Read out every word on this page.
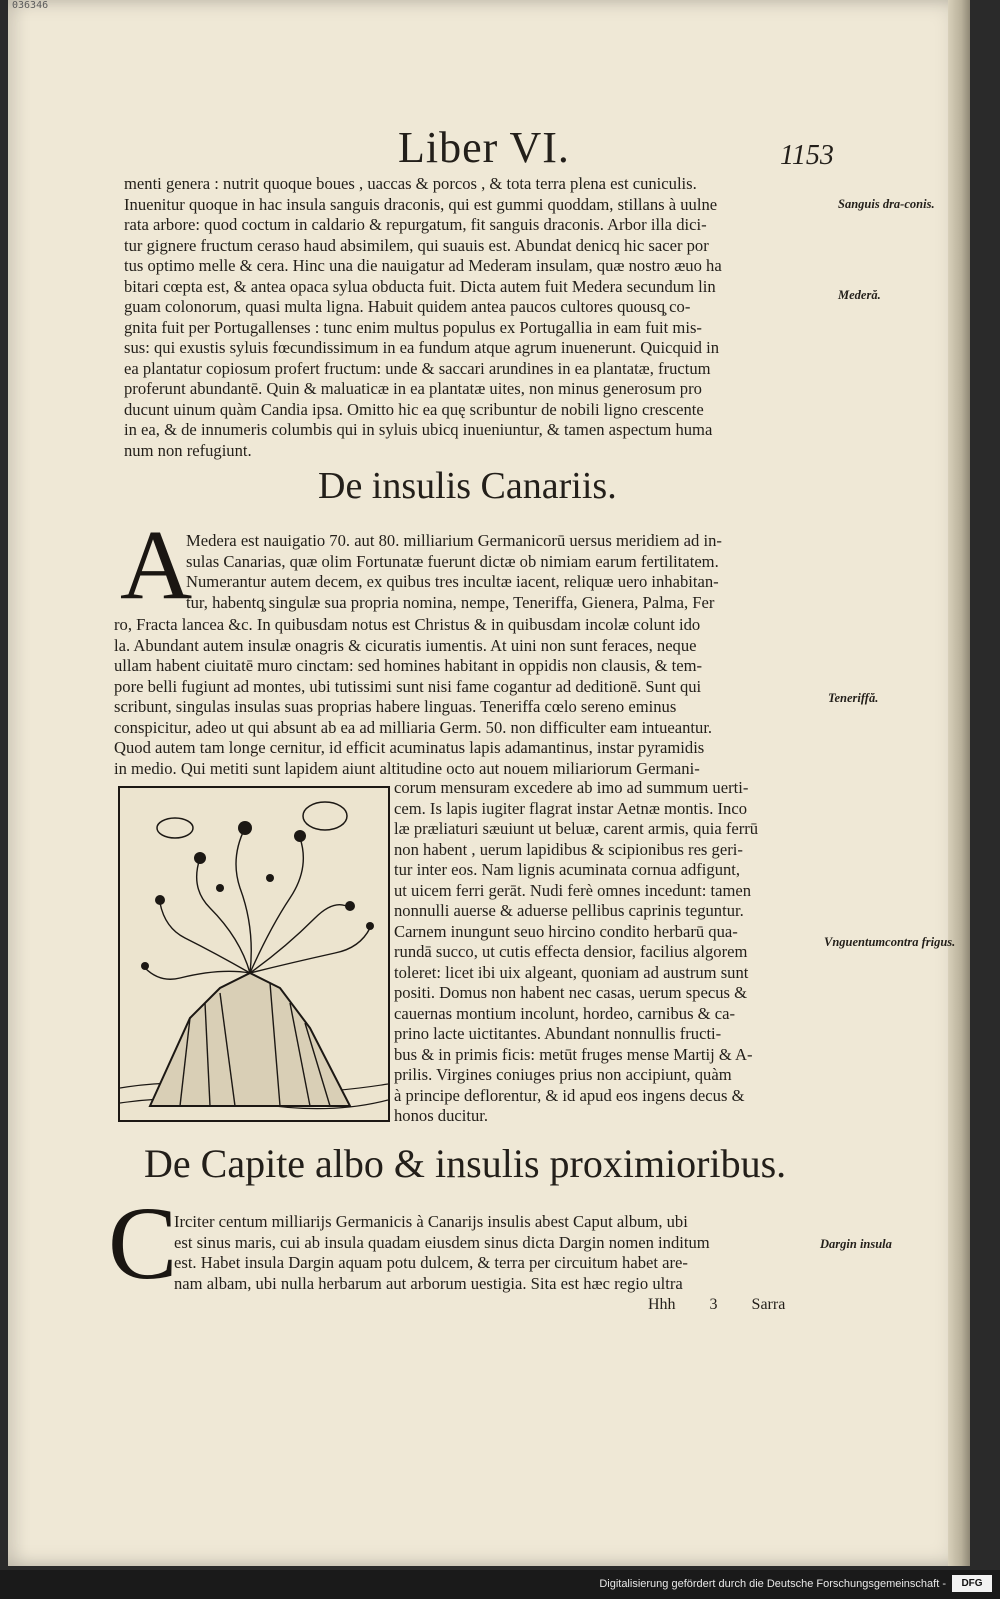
036346
Liber VI.	1153
menti genera : nutrit quoque boues , uaccas & porcos , & tota terra plena est cuniculis.
Inuenitur quoque in hac insula sanguis draconis, qui est gummi quoddam, stillans à uulne
rata arbore: quod coctum in caldario & repurgatum, fit sanguis draconis. Arbor illa dici-
tur gignere fructum ceraso haud absimilem, qui suauis est. Abundat denicq hic sacer por
tus optimo melle & cera. Hinc una die nauigatur ad Mederam insulam, quæ nostro æuo ha
bitari cœpta est, & antea opaca sylua obducta fuit. Dicta autem fuit Medera secundum lin
guam colonorum, quasi multa ligna. Habuit quidem antea paucos cultores quousq̧ co-
gnita fuit per Portugallenses : tunc enim multus populus ex Portugallia in eam fuit mis-
sus: qui exustis syluis fœcundissimum in ea fundum atque agrum inuenerunt. Quicquid in
ea plantatur copiosum profert fructum: unde & saccari arundines in ea plantatæ, fructum
proferunt abundantē. Quin & maluaticæ in ea plantatæ uites, non minus generosum pro
ducunt uinum quàm Candia ipsa. Omitto hic ea quę scribuntur de nobili ligno crescente
in ea, & de innumeris columbis qui in syluis ubicq inueniuntur, & tamen aspectum huma
num non refugiunt.
De insulis Canariis.
A
Medera est nauigatio 70. aut 80. milliarium Germanicorū uersus meridiem ad in-
sulas Canarias, quæ olim Fortunatæ fuerunt dictæ ob nimiam earum fertilitatem.
Numerantur autem decem, ex quibus tres incultæ iacent, reliquæ uero inhabitan-
tur, habentq̧ singulæ sua propria nomina, nempe, Teneriffa, Gienera, Palma, Fer
ro, Fracta lancea &c. In quibusdam notus est Christus & in quibusdam incolæ colunt ido
la. Abundant autem insulæ onagris & cicuratis iumentis. At uini non sunt feraces, neque
ullam habent ciuitatē muro cinctam: sed homines habitant in oppidis non clausis, & tem-
pore belli fugiunt ad montes, ubi tutissimi sunt nisi fame cogantur ad deditionē. Sunt qui
scribunt, singulas insulas suas proprias habere linguas. Teneriffa cœlo sereno eminus
conspicitur, adeo ut qui absunt ab ea ad milliaria Germ. 50. non difficulter eam intueantur.
Quod autem tam longe cernitur, id efficit acuminatus lapis adamantinus, instar pyramidis
in medio. Qui metiti sunt lapidem aiunt altitudine octo aut nouem miliariorum Germani-
corum mensuram excedere ab imo ad summum uerti-
cem. Is lapis iugiter flagrat instar Aetnæ montis. Inco
læ præliaturi sæuiunt ut beluæ, carent armis, quia ferrū
non habent , uerum lapidibus & scipionibus res geri-
tur inter eos. Nam lignis acuminata cornua adfigunt,
ut uicem ferri gerāt. Nudi ferè omnes incedunt: tamen
nonnulli auerse & aduerse pellibus caprinis teguntur.
Carnem inungunt seuo hircino condito herbarū qua-
rundā succo, ut cutis effecta densior, facilius algorem
toleret: licet ibi uix algeant, quoniam ad austrum sunt
positi. Domus non habent nec casas, uerum specus &
cauernas montium incolunt, hordeo, carnibus & ca-
prino lacte uictitantes. Abundant nonnullis fructi-
bus & in primis ficis: metūt fruges mense Martij & A-
prilis. Virgines coniuges prius non accipiunt, quàm
à principe deflorentur, & id apud eos ingens decus &
honos ducitur.
De Capite albo & insulis proximioribus.
C
Irciter centum milliarijs Germanicis à Canarijs insulis abest Caput album, ubi
est sinus maris, cui ab insula quadam eiusdem sinus dicta Dargin nomen inditum
est. Habet insula Dargin aquam potu dulcem, & terra per circuitum habet are-
nam albam, ubi nulla herbarum aut arborum uestigia. Sita est hæc regio ultra
Hhh 3 Sarra
Sanguis dra-conis.
Mederă.
Teneriffă.
Vnguentumcontra frigus.
Dargin insula
Digitalisierung gefördert durch die Deutsche Forschungsgemeinschaft -	DFG
